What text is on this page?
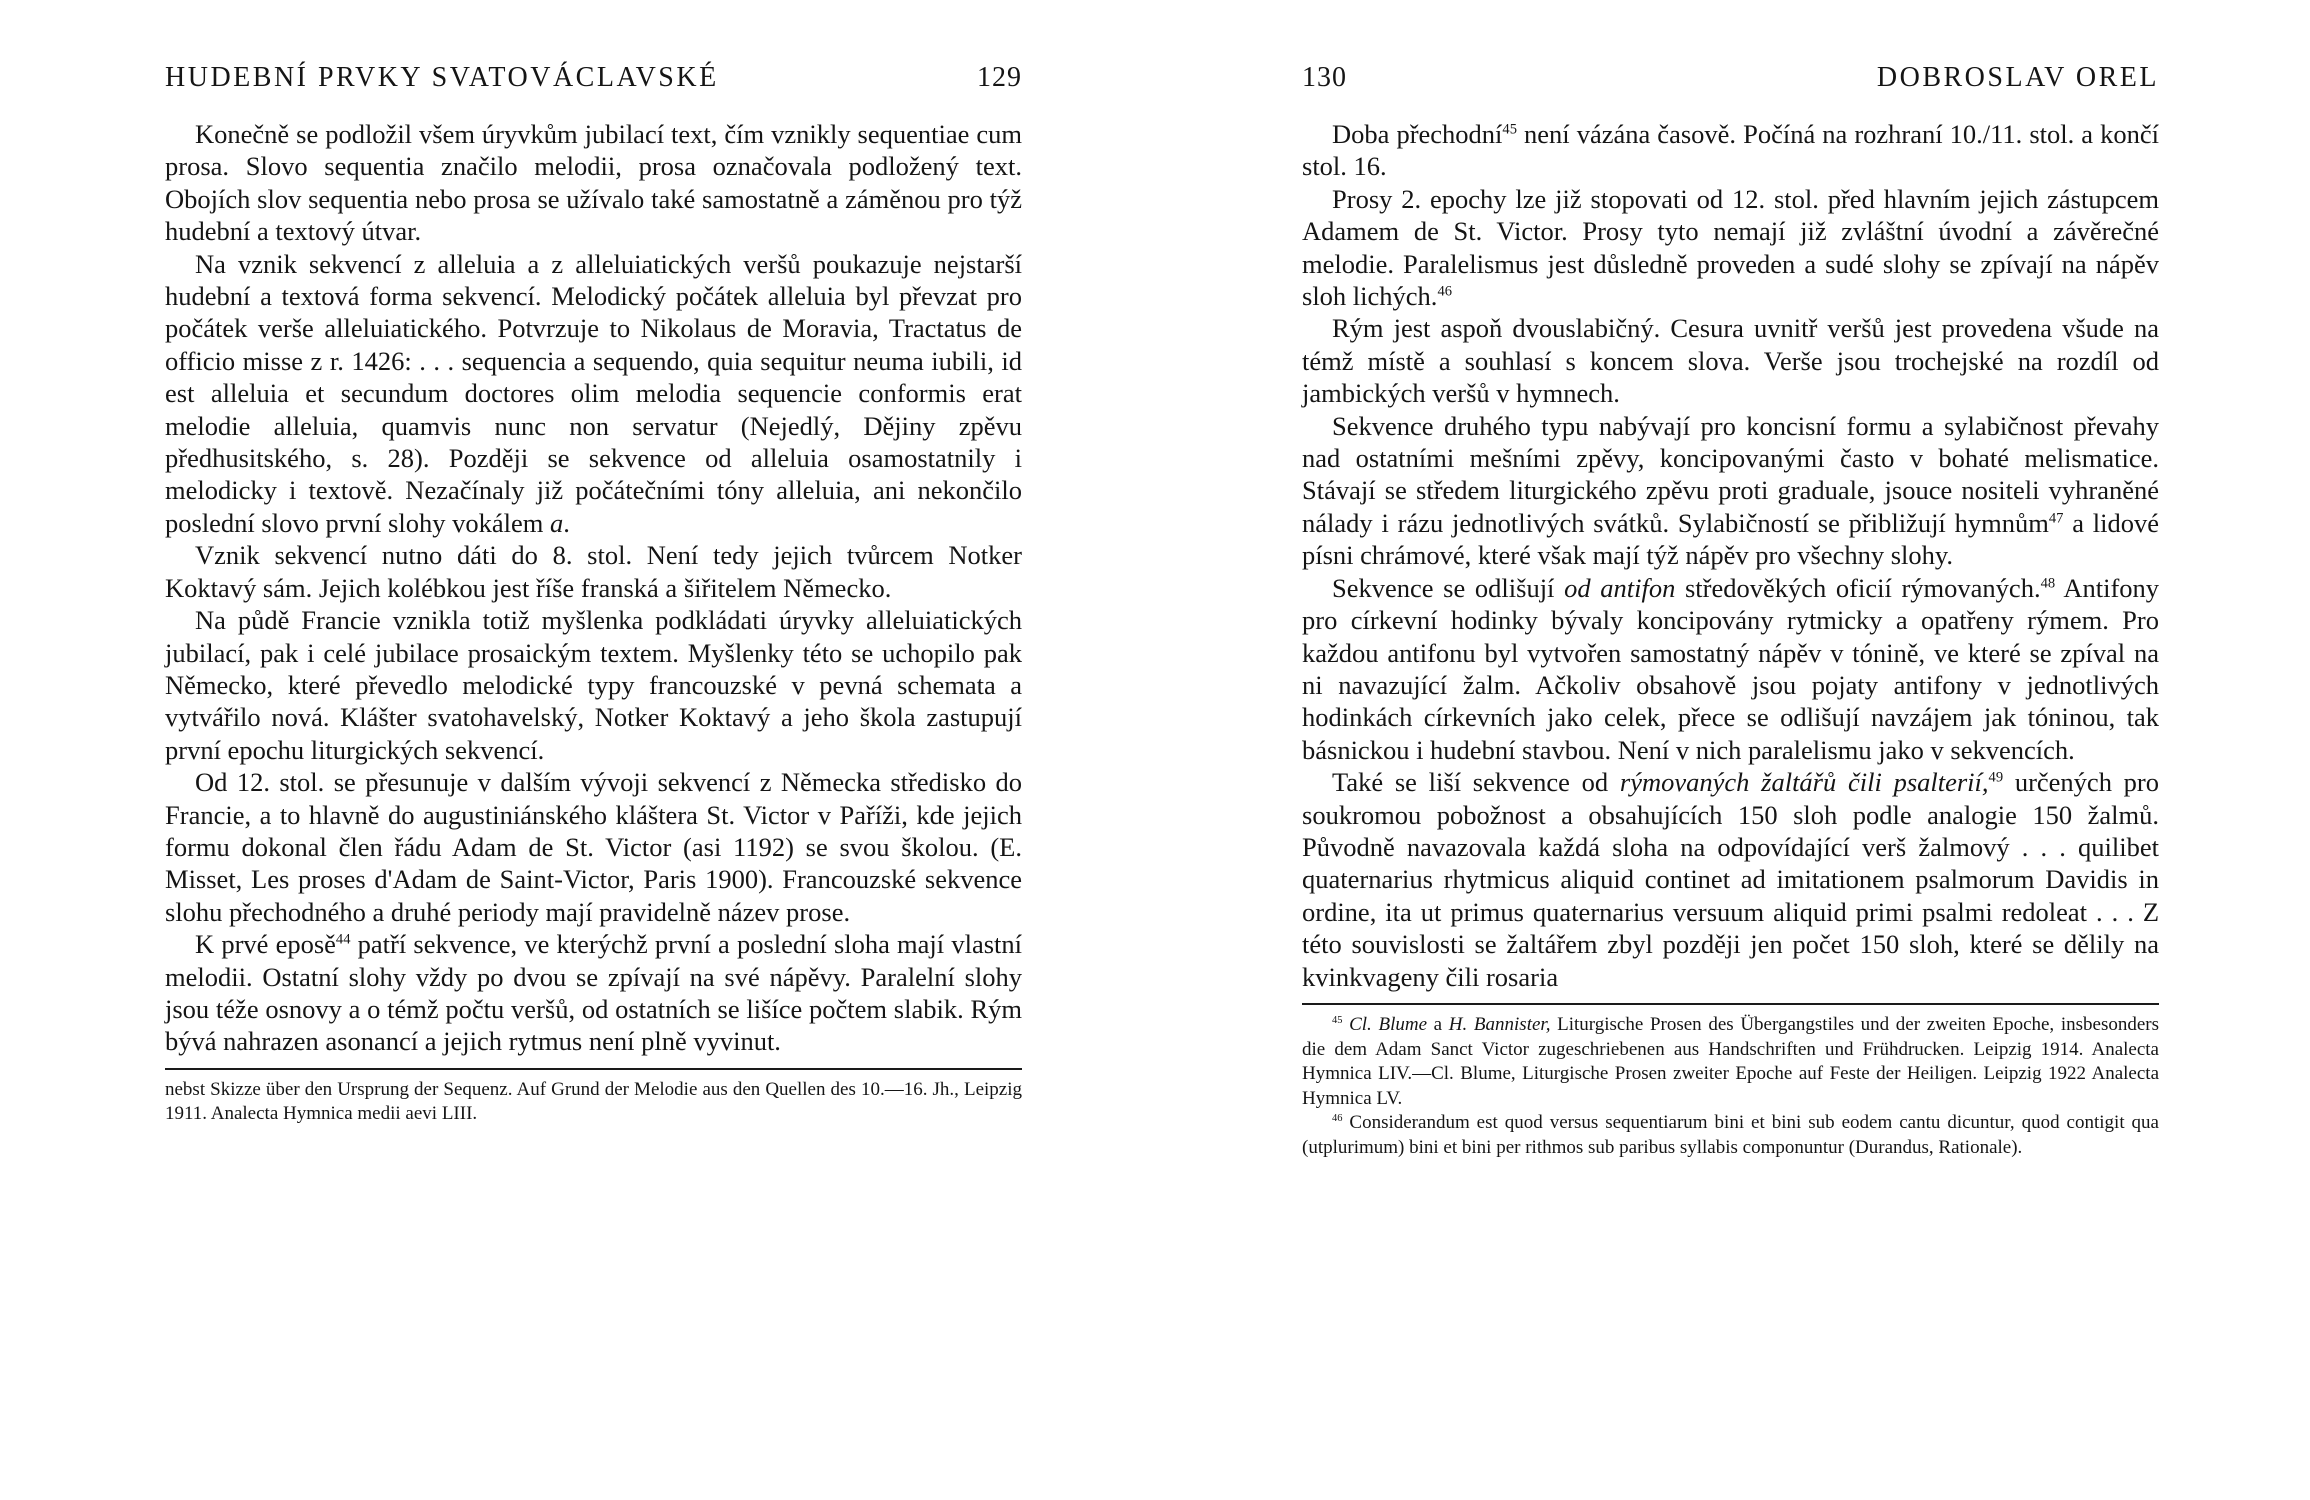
HUDEBNÍ PRVKY SVATOVÁCLAVSKÉ	129

Konečně se podložil všem úryvkům jubilací text, čím vznikly sequentiae cum prosa. Slovo sequentia značilo melodii, prosa označovala podložený text. Obojích slov sequentia nebo prosa se užívalo také samostatně a záměnou pro týž hudební a textový útvar.

Na vznik sekvencí z alleluia a z alleluiatických veršů poukazuje nejstarší hudební a textová forma sekvencí. Melodický počátek alleluia byl převzat pro počátek verše alleluiatického. Potvrzuje to Nikolaus de Moravia, Tractatus de officio misse z r. 1426: . . . sequencia a sequendo, quia sequitur neuma iubili, id est alleluia et secundum doctores olim melodia sequencie conformis erat melodie alleluia, quamvis nunc non servatur (Nejedlý, Dějiny zpěvu předhusitského, s. 28). Později se sekvence od alleluia osamostatnily i melodicky i textově. Nezačínaly již počátečními tóny alleluia, ani nekončilo poslední slovo první slohy vokálem a.

Vznik sekvencí nutno dáti do 8. stol. Není tedy jejich tvůrcem Notker Koktavý sám. Jejich kolébkou jest říše franská a šiřitelem Německo.

Na půdě Francie vznikla totiž myšlenka podkládati úryvky alleluiatických jubilací, pak i celé jubilace prosaickým textem. Myšlenky této se uchopilo pak Německo, které převedlo melodické typy francouzské v pevná schemata a vytvářilo nová. Klášter svatohavelský, Notker Koktavý a jeho škola zastupují první epochu liturgických sekvencí.

Od 12. stol. se přesunuje v dalším vývoji sekvencí z Německa středisko do Francie, a to hlavně do augustiniánského kláštera St. Victor v Paříži, kde jejich formu dokonal člen řádu Adam de St. Victor (asi 1192) se svou školou. (E. Misset, Les proses d'Adam de Saint-Victor, Paris 1900). Francouzské sekvence slohu přechodného a druhé periody mají pravidelně název prose.

K prvé eposě$^{44}$ patří sekvence, ve kterýchž první a poslední sloha mají vlastní melodii. Ostatní slohy vždy po dvou se zpívají na své nápěvy. Paralelní slohy jsou téže osnovy a o témž počtu veršů, od ostatních se lišíce počtem slabik. Rým bývá nahrazen asonancí a jejich rytmus není plně vyvinut.

nebst Skizze über den Ursprung der Sequenz. Auf Grund der Melodie aus den Quellen des 10.—16. Jh., Leipzig 1911. Analecta Hymnica medii aevi LIII.

130	DOBROSLAV OREL

Doba přechodní$^{45}$ není vázána časově. Počíná na rozhraní 10./11. stol. a končí stol. 16.

Prosy 2. epochy lze již stopovati od 12. stol. před hlavním jejich zástupcem Adamem de St. Victor. Prosy tyto nemají již zvláštní úvodní a závěrečné melodie. Paralelismus jest důsledně proveden a sudé slohy se zpívají na nápěv sloh lichých.$^{46}$

Rým jest aspoň dvouslabičný. Cesura uvnitř veršů jest provedena všude na témž místě a souhlasí s koncem slova. Verše jsou trochejské na rozdíl od jambických veršů v hymnech.

Sekvence druhého typu nabývají pro koncisní formu a sylabičnost převahy nad ostatními mešními zpěvy, koncipovanými často v bohaté melismatice. Stávají se středem liturgického zpěvu proti graduale, jsouce nositeli vyhraněné nálady i rázu jednotlivých svátků. Sylabičností se přibližují hymnům$^{47}$ a lidové písni chrámové, které však mají týž nápěv pro všechny slohy.

Sekvence se odlišují od antifon středověkých oficií rýmovaných.$^{48}$ Antifony pro církevní hodinky bývaly koncipovány rytmicky a opatřeny rýmem. Pro každou antifonu byl vytvořen samostatný nápěv v tónině, ve které se zpíval na ni navazující žalm. Ačkoliv obsahově jsou pojaty antifony v jednotlivých hodinkách církevních jako celek, přece se odlišují navzájem jak tóninou, tak básnickou i hudební stavbou. Není v nich paralelismu jako v sekvencích.

Také se liší sekvence od rýmovaných žaltářů čili psalterií,$^{49}$ určených pro soukromou pobožnost a obsahujících 150 sloh podle analogie 150 žalmů. Původně navazovala každá sloha na odpovídající verš žalmový . . . quilibet quaternarius rhytmicus aliquid continet ad imitationem psalmorum Davidis in ordine, ita ut primus quaternarius versuum aliquid primi psalmi redoleat . . . Z této souvislosti se žaltářem zbyl později jen počet 150 sloh, které se dělily na kvinkvageny čili rosaria

$^{45}$ Cl. Blume a H. Bannister, Liturgische Prosen des Übergangstiles und der zweiten Epoche, insbesonders die dem Adam Sanct Victor zugeschriebenen aus Handschriften und Frühdrucken. Leipzig 1914. Analecta Hymnica LIV.—Cl. Blume, Liturgische Prosen zweiter Epoche auf Feste der Heiligen. Leipzig 1922 Analecta Hymnica LV.

$^{46}$ Considerandum est quod versus sequentiarum bini et bini sub eodem cantu dicuntur, quod contigit qua (utplurimum) bini et bini per rithmos sub paribus syllabis componuntur (Durandus, Rationale).
